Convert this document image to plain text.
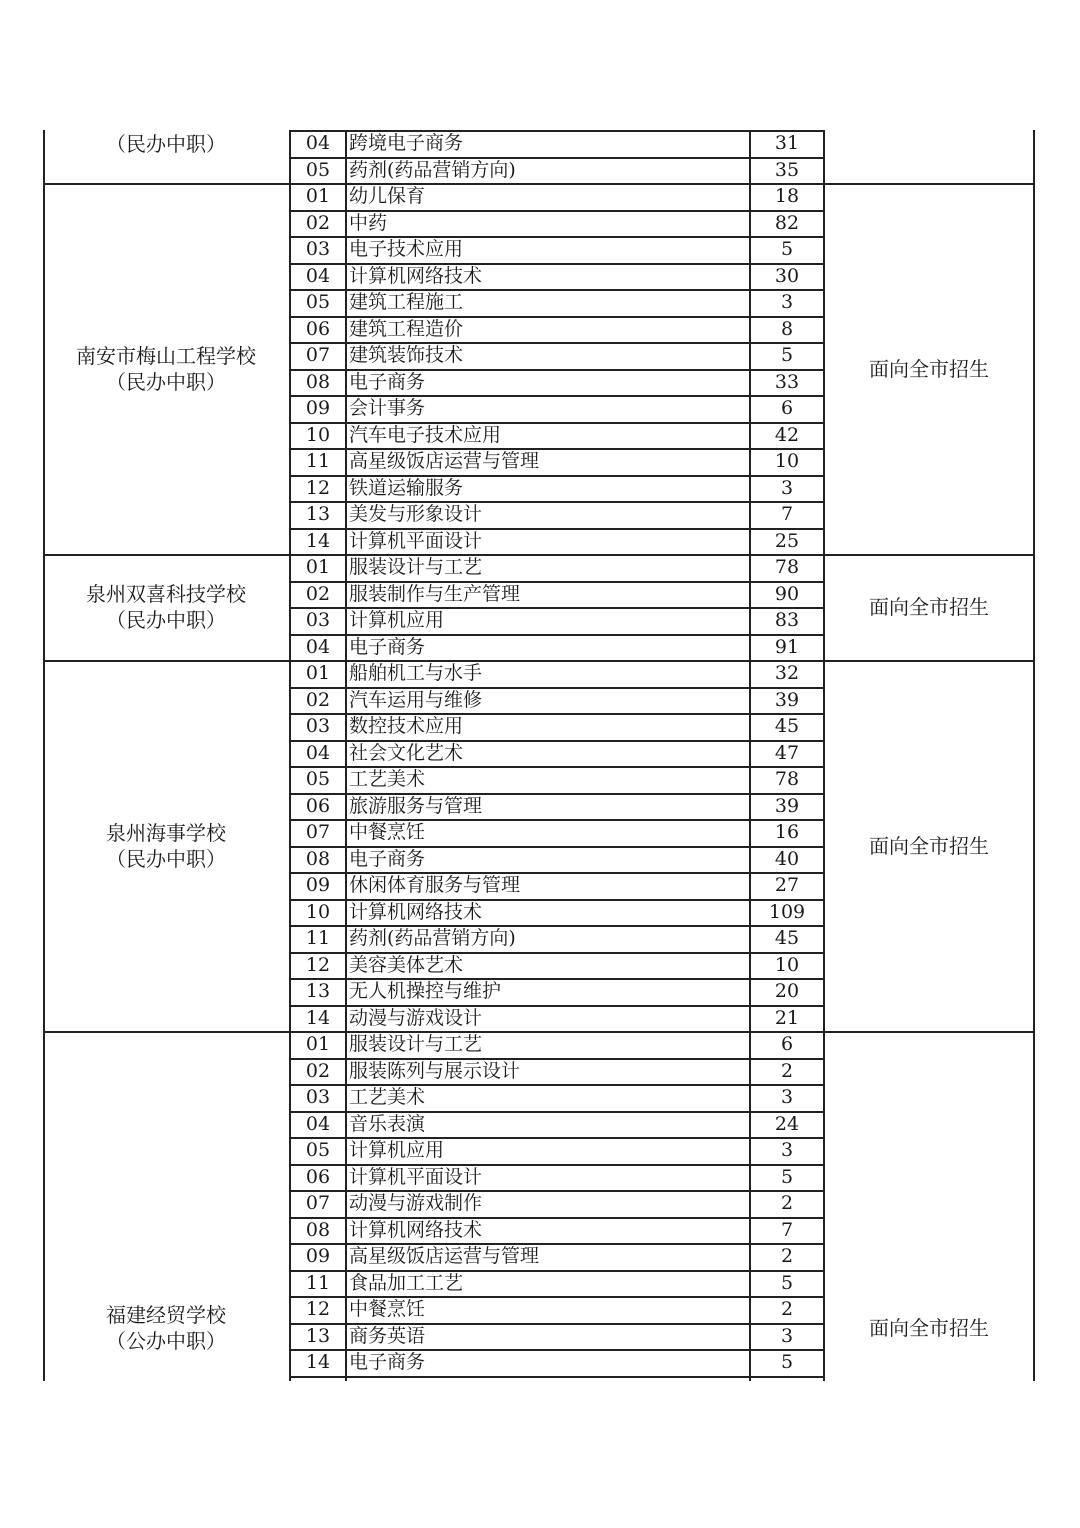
04 跨境电子商务	31
05 药剂(药品营销方向)	35
（民办中职）
01 幼儿保育	18
02 中药	82
03 电子技术应用	5
04 计算机网络技术	30
05 建筑工程施工	3
06 建筑工程造价	8
07 建筑装饰技术	5
08 电子商务	33
09 会计事务	6
10 汽车电子技术应用	42
11 高星级饭店运营与管理	10
12 铁道运输服务	3
13 美发与形象设计	7
14 计算机平面设计	25
南安市梅山工程学校
（民办中职）
面向全市招生
01 服装设计与工艺	78
02 服装制作与生产管理	90
03 计算机应用	83
04 电子商务	91
泉州双喜科技学校
（民办中职）
面向全市招生
01 船舶机工与水手	32
02 汽车运用与维修	39
03 数控技术应用	45
04 社会文化艺术	47
05 工艺美术	78
06 旅游服务与管理	39
07 中餐烹饪	16
08 电子商务	40
09 休闲体育服务与管理	27
10 计算机网络技术	109
11 药剂(药品营销方向)	45
12 美容美体艺术	10
13 无人机操控与维护	20
14 动漫与游戏设计	21
泉州海事学校
（民办中职）
面向全市招生
01 服装设计与工艺	6
02 服装陈列与展示设计	2
03 工艺美术	3
04 音乐表演	24
05 计算机应用	3
06 计算机平面设计	5
07 动漫与游戏制作	2
08 计算机网络技术	7
09 高星级饭店运营与管理	2
11 食品加工工艺	5
12 中餐烹饪	2
13 商务英语	3
14 电子商务	5
福建经贸学校
（公办中职）
面向全市招生
